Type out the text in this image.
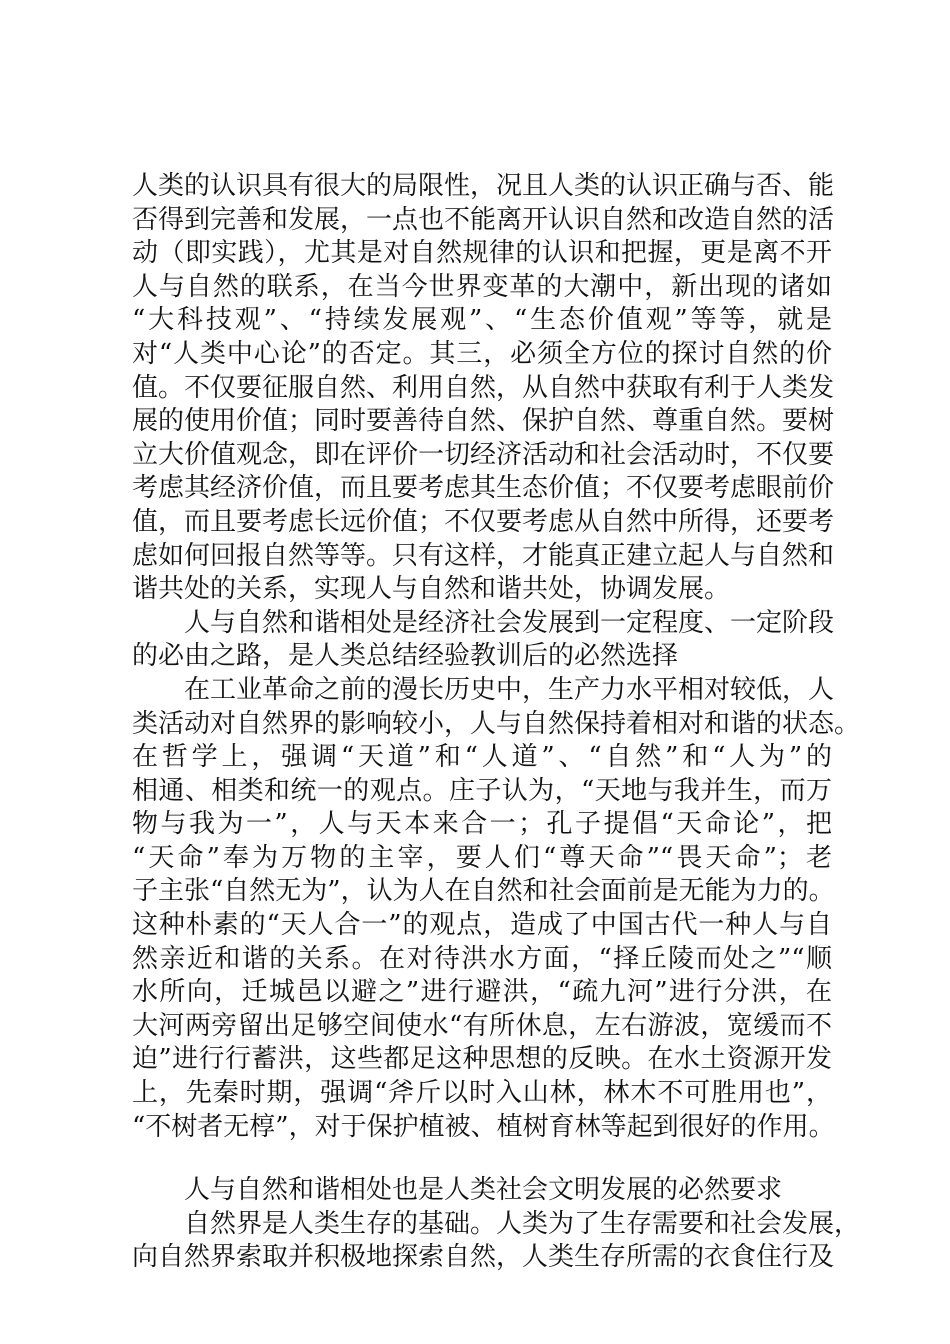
人类的认识具有很大的局限性，况且人类的认识正确与否、能
否得到完善和发展，一点也不能离开认识自然和改造自然的活
动（即实践），尤其是对自然规律的认识和把握，更是离不开
人与自然的联系，在当今世界变革的大潮中，新出现的诸如
“大科技观”、“持续发展观”、“生态价值观”等等，就是
对“人类中心论”的否定。其三，必须全方位的探讨自然的价
值。不仅要征服自然、利用自然，从自然中获取有利于人类发
展的使用价值；同时要善待自然、保护自然、尊重自然。要树
立大价值观念，即在评价一切经济活动和社会活动时，不仅要
考虑其经济价值，而且要考虑其生态价值；不仅要考虑眼前价
值，而且要考虑长远价值；不仅要考虑从自然中所得，还要考
虑如何回报自然等等。只有这样，才能真正建立起人与自然和
谐共处的关系，实现人与自然和谐共处，协调发展。
人与自然和谐相处是经济社会发展到一定程度、一定阶段
的必由之路，是人类总结经验教训后的必然选择
在工业革命之前的漫长历史中，生产力水平相对较低，人
类活动对自然界的影响较小，人与自然保持着相对和谐的状态。
在哲学上，强调“天道”和“人道”、“自然”和“人为”的
相通、相类和统一的观点。庄子认为，“天地与我并生，而万
物与我为一”，人与天本来合一；孔子提倡“天命论”，把
“天命”奉为万物的主宰，要人们“尊天命”“畏天命”；老
子主张“自然无为”，认为人在自然和社会面前是无能为力的。
这种朴素的“天人合一”的观点，造成了中国古代一种人与自
然亲近和谐的关系。在对待洪水方面，“择丘陵而处之”“顺
水所向，迁城邑以避之”进行避洪，“疏九河”进行分洪，在
大河两旁留出足够空间使水“有所休息，左右游波，宽缓而不
迫”进行行蓄洪，这些都足这种思想的反映。在水土资源开发
上，先秦时期，强调“斧斤以时入山林，林木不可胜用也”，
“不树者无椁”，对于保护植被、植树育林等起到很好的作用。
人与自然和谐相处也是人类社会文明发展的必然要求
自然界是人类生存的基础。人类为了生存需要和社会发展，
向自然界索取并积极地探索自然，人类生存所需的衣食住行及
